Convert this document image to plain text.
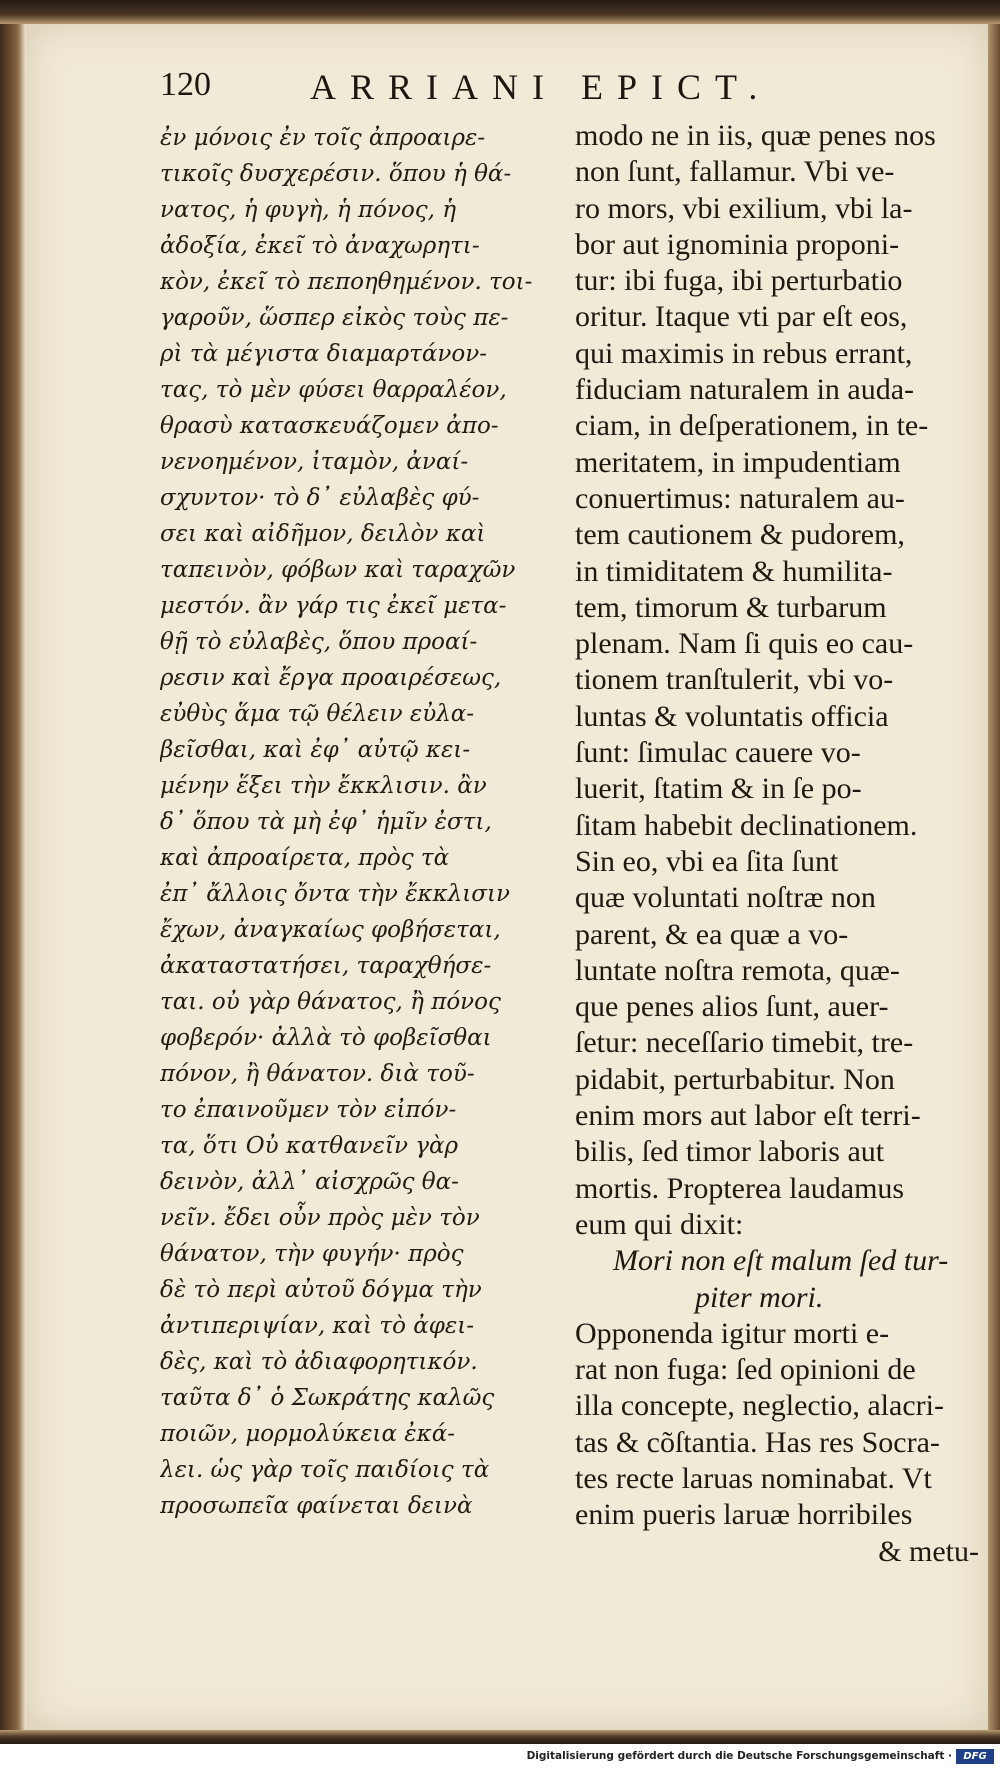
120	ARRIANI EPICT.
ἐν μόνοις ἐν τοῖς ἀπροαιρε-
τικοῖς δυσχερέσιν. ὅπου ἡ θά-
νατος, ἡ φυγὴ, ἡ πόνος, ἡ
ἀδοξία, ἐκεῖ τὸ ἀναχωρητι-
κὸν, ἐκεῖ τὸ πεποηθημένον. τοι-
γαροῦν, ὥσπερ εἰκὸς τοὺς πε-
ρὶ τὰ μέγιστα διαμαρτάνον-
τας, τὸ μὲν φύσει θαρραλέον,
θρασὺ κατασκευάζομεν ἀπο-
νενοημένον, ἰταμὸν, ἀναί-
σχυντον· τὸ δ᾿ εὐλαβὲς φύ-
σει καὶ αἰδῆμον, δειλὸν καὶ
ταπεινὸν, φόβων καὶ ταραχῶν
μεστόν. ἂν γάρ τις ἐκεῖ μετα-
θῇ τὸ εὐλαβὲς, ὅπου προαί-
ρεσιν καὶ ἔργα προαιρέσεως,
εὐθὺς ἅμα τῷ θέλειν εὐλα-
βεῖσθαι, καὶ ἐφ᾿ αὐτῷ κει-
μένην ἕξει τὴν ἔκκλισιν. ἂν
δ᾿ ὅπου τὰ μὴ ἐφ᾿ ἡμῖν ἐστι,
καὶ ἀπροαίρετα, πρὸς τὰ
ἐπ᾿ ἄλλοις ὄντα τὴν ἔκκλισιν
ἔχων, ἀναγκαίως φοβήσεται,
ἀκαταστατήσει, ταραχθήσε-
ται. οὐ γὰρ θάνατος, ἢ πόνος
φοβερόν· ἀλλὰ τὸ φοβεῖσθαι
πόνον, ἢ θάνατον. διὰ τοῦ-
το ἐπαινοῦμεν τὸν εἰπόν-
τα, ὅτι Οὐ κατθανεῖν γὰρ
δεινὸν, ἀλλ᾿ αἰσχρῶς θα-
νεῖν. ἔδει οὖν πρὸς μὲν τὸν
θάνατον, τὴν φυγήν· πρὸς
δὲ τὸ περὶ αὐτοῦ δόγμα τὴν
ἀντιπεριψίαν, καὶ τὸ ἀφει-
δὲς, καὶ τὸ ἀδιαφορητικόν.
ταῦτα δ᾿ ὁ Σωκράτης καλῶς
ποιῶν, μορμολύκεια ἐκά-
λει. ὡς γὰρ τοῖς παιδίοις τὰ
προσωπεῖα φαίνεται δεινὰ
modo ne in iis, quæ penes nos
non ſunt, fallamur. Vbi ve-
ro mors, vbi exilium, vbi la-
bor aut ignominia proponi-
tur: ibi fuga, ibi perturbatio
oritur. Itaque vti par eſt eos,
qui maximis in rebus errant,
fiduciam naturalem in auda-
ciam, in deſperationem, in te-
meritatem, in impudentiam
conuertimus: naturalem au-
tem cautionem & pudorem,
in timiditatem & humilita-
tem, timorum & turbarum
plenam. Nam ſi quis eo cau-
tionem tranſtulerit, vbi vo-
luntas & voluntatis officia
ſunt: ſimulac cauere vo-
luerit, ſtatim & in ſe po-
ſitam habebit declinationem.
Sin eo, vbi ea ſita ſunt
quæ voluntati noſtræ non
parent, & ea quæ a vo-
luntate noſtra remota, quæ-
que penes alios ſunt, auer-
ſetur: neceſſario timebit, tre-
pidabit, perturbabitur. Non
enim mors aut labor eſt terri-
bilis, ſed timor laboris aut
mortis. Propterea laudamus
eum qui dixit:
Mori non eſt malum ſed tur-
piter mori.
Opponenda igitur morti e-
rat non fuga: ſed opinioni de
illa concepte, neglectio, alacri-
tas & cõſtantia. Has res Socra-
tes recte laruas nominabat. Vt
enim pueris laruæ horribiles
& metu-
Digitalisierung gefördert durch die Deutsche Forschungsgemeinschaft ·	DFG
